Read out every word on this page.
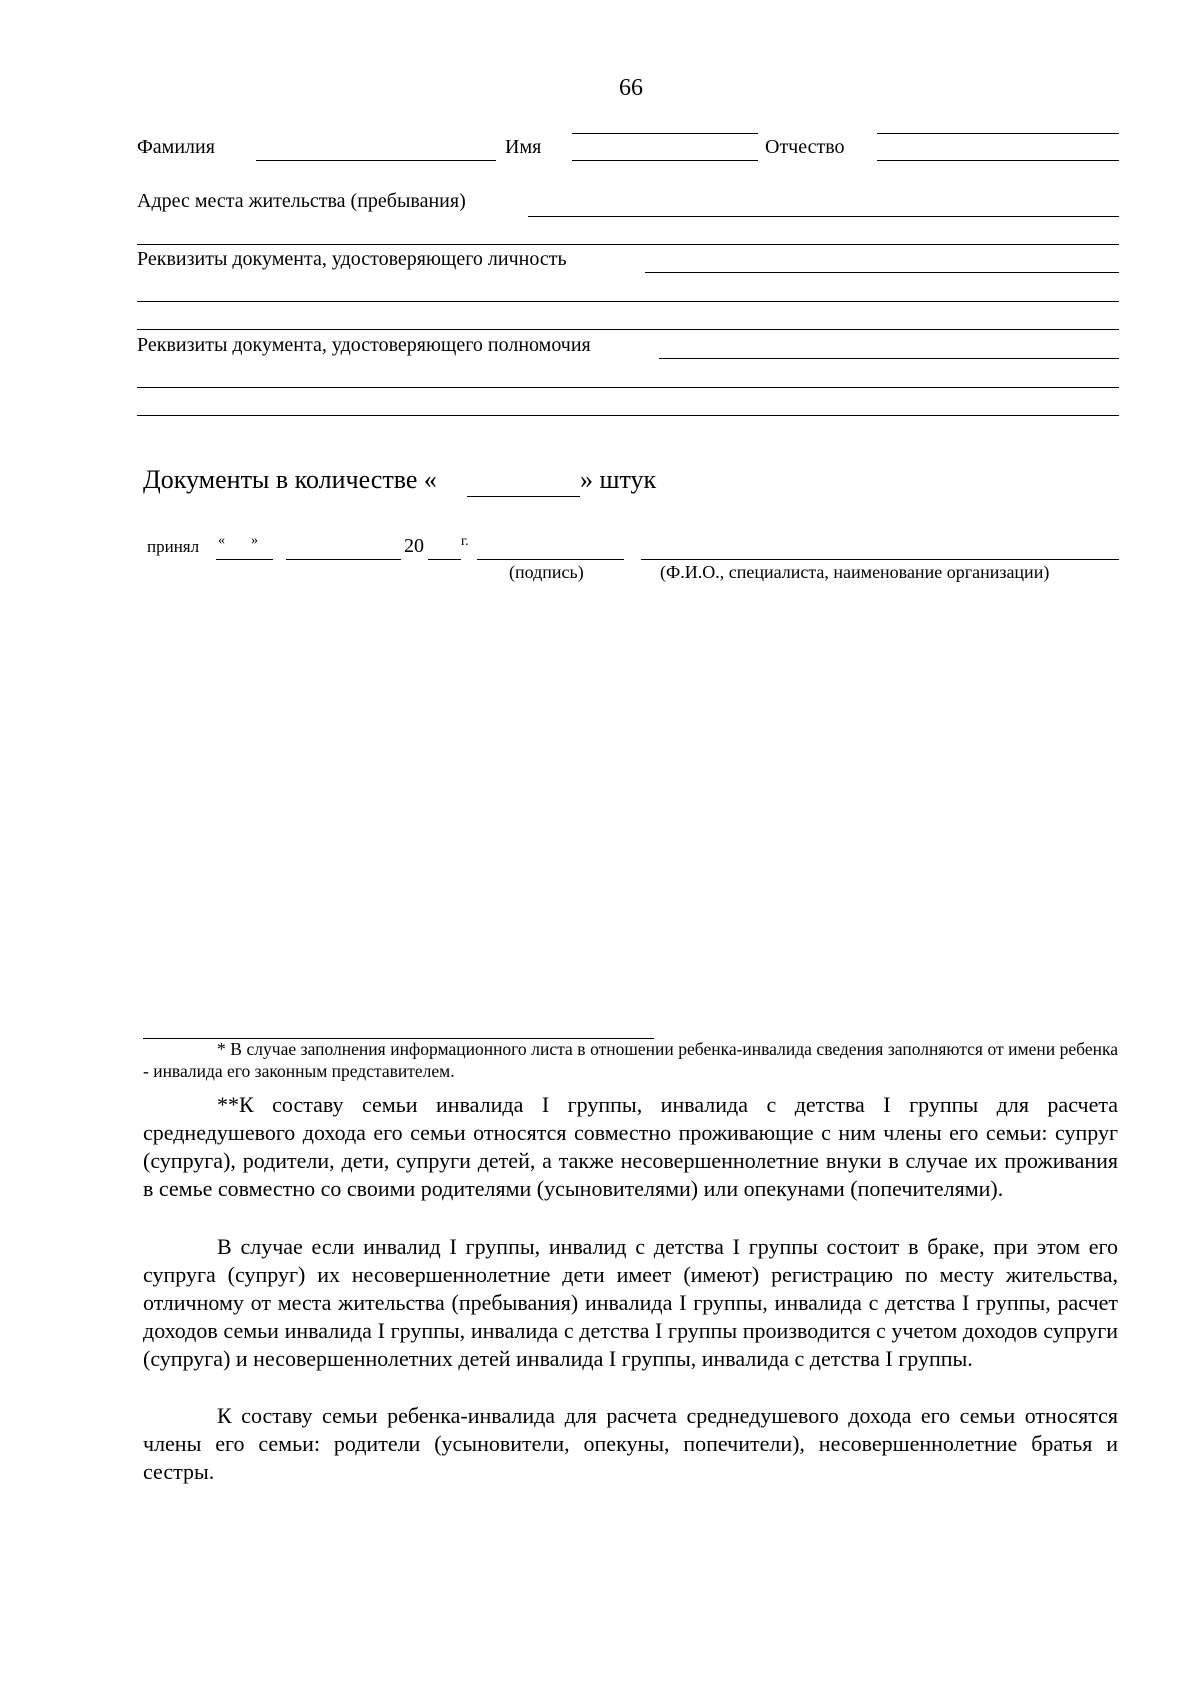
66
Фамилия	Имя	Отчество
Адрес места жительства (пребывания)
Реквизиты документа, удостоверяющего личность
Реквизиты документа, удостоверяющего полномочия
Документы в количестве «	» штук
принял « »	20	г.
(подпись)	(Ф.И.О., специалиста, наименование организации)
* В случае заполнения информационного листа в отношении ребенка-инвалида сведения заполняются от имени ребенка - инвалида его законным представителем.
**К составу семьи инвалида I группы, инвалида с детства I группы для расчета среднедушевого дохода его семьи относятся совместно проживающие с ним члены его семьи: супруг (супруга), родители, дети, супруги детей, а также несовершеннолетние внуки в случае их проживания в семье совместно со своими родителями (усыновителями) или опекунами (попечителями).
В случае если инвалид I группы, инвалид с детства I группы состоит в браке, при этом его супруга (супруг) их несовершеннолетние дети имеет (имеют) регистрацию по месту жительства, отличному от места жительства (пребывания) инвалида I группы, инвалида с детства I группы, расчет доходов семьи инвалида I группы, инвалида с детства I группы производится с учетом доходов супруги (супруга) и несовершеннолетних детей инвалида I группы, инвалида с детства I группы.
К составу семьи ребенка-инвалида для расчета среднедушевого дохода его семьи относятся члены его семьи: родители (усыновители, опекуны, попечители), несовершеннолетние братья и сестры.
